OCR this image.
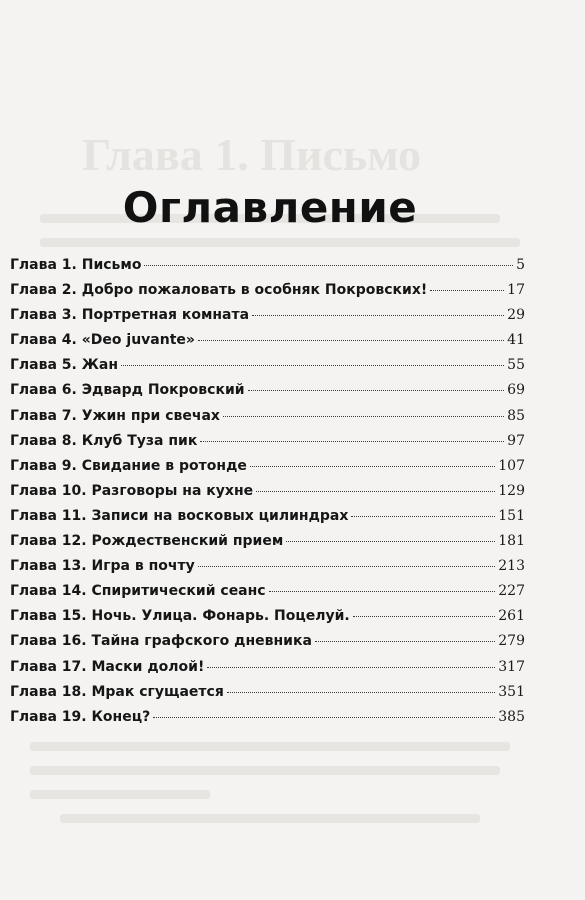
Глава 1. Письмо
Оглавление
Глава 1. Письмо	5
Глава 2. Добро пожаловать в особняк Покровских!	17
Глава 3. Портретная комната	29
Глава 4. «Deo juvante»	41
Глава 5. Жан	55
Глава 6. Эдвард Покровский	69
Глава 7. Ужин при свечах	85
Глава 8. Клуб Туза пик	97
Глава 9. Свидание в ротонде	107
Глава 10. Разговоры на кухне	129
Глава 11. Записи на восковых цилиндрах	151
Глава 12. Рождественский прием	181
Глава 13. Игра в почту	213
Глава 14. Спиритический сеанс	227
Глава 15. Ночь. Улица. Фонарь. Поцелуй.	261
Глава 16. Тайна графского дневника	279
Глава 17. Маски долой!	317
Глава 18. Мрак сгущается	351
Глава 19. Конец?	385
